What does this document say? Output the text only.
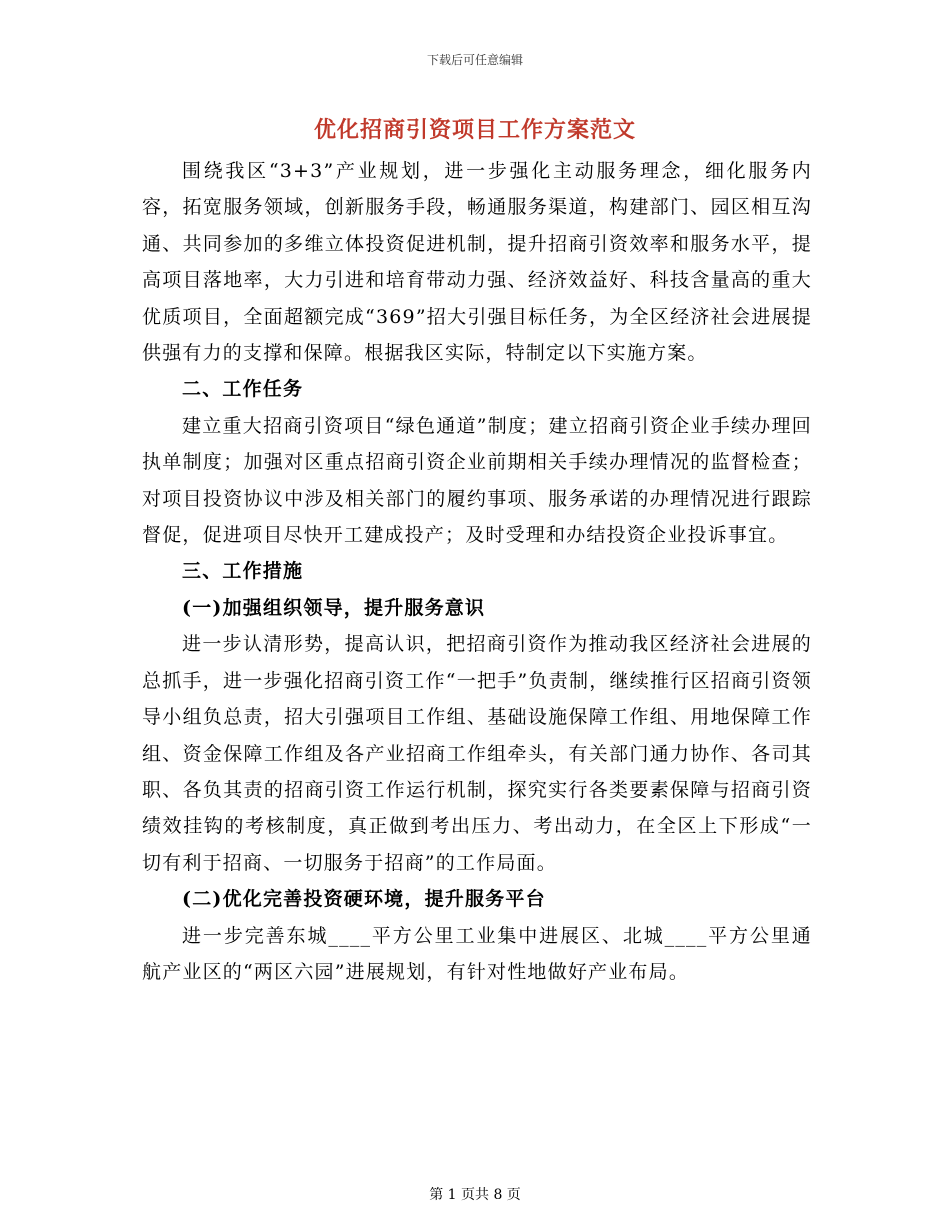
下载后可任意编辑
优化招商引资项目工作方案范文

围绕我区“3+3”产业规划，进一步强化主动服务理念，细化服务内容，拓宽服务领域，创新服务手段，畅通服务渠道，构建部门、园区相互沟通、共同参加的多维立体投资促进机制，提升招商引资效率和服务水平，提高项目落地率，大力引进和培育带动力强、经济效益好、科技含量高的重大优质项目，全面超额完成“369”招大引强目标任务，为全区经济社会进展提供强有力的支撑和保障。根据我区实际，特制定以下实施方案。

二、工作任务

建立重大招商引资项目“绿色通道”制度；建立招商引资企业手续办理回执单制度；加强对区重点招商引资企业前期相关手续办理情况的监督检查；对项目投资协议中涉及相关部门的履约事项、服务承诺的办理情况进行跟踪督促，促进项目尽快开工建成投产；及时受理和办结投资企业投诉事宜。

三、工作措施

(一)加强组织领导，提升服务意识

进一步认清形势，提高认识，把招商引资作为推动我区经济社会进展的总抓手，进一步强化招商引资工作“一把手”负责制，继续推行区招商引资领导小组负总责，招大引强项目工作组、基础设施保障工作组、用地保障工作组、资金保障工作组及各产业招商工作组牵头，有关部门通力协作、各司其职、各负其责的招商引资工作运行机制，探究实行各类要素保障与招商引资绩效挂钩的考核制度，真正做到考出压力、考出动力，在全区上下形成“一切有利于招商、一切服务于招商”的工作局面。

(二)优化完善投资硬环境，提升服务平台

进一步完善东城____平方公里工业集中进展区、北城____平方公里通航产业区的“两区六园”进展规划，有针对性地做好产业布局。

第 1 页共 8 页
